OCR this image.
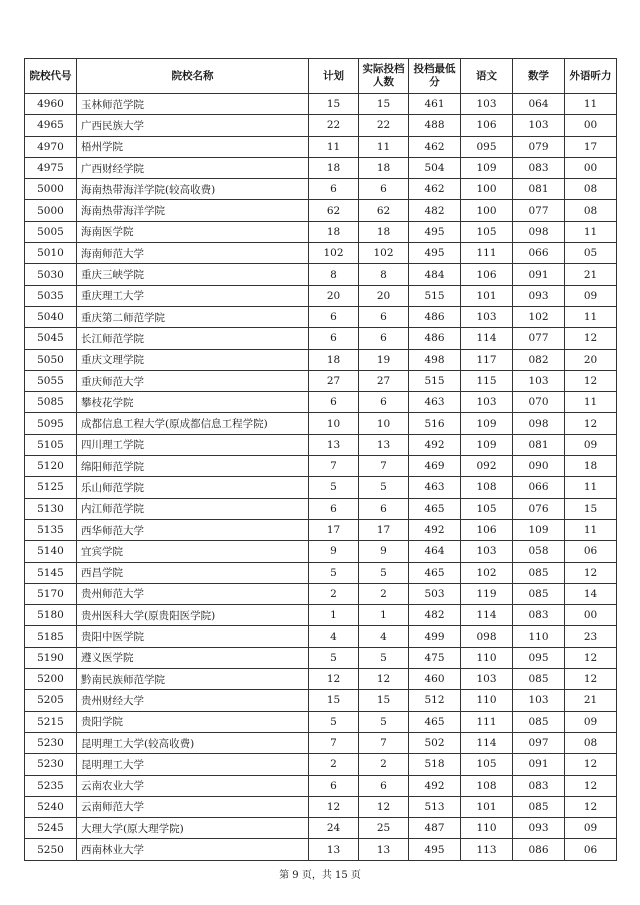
院校代号	院校名称	计划	实际投档人数	投档最低分	语文	数学	外语听力
4960	玉林师范学院	15	15	461	103	064	11
4965	广西民族大学	22	22	488	106	103	00
4970	梧州学院	11	11	462	095	079	17
4975	广西财经学院	18	18	504	109	083	00
5000	海南热带海洋学院(较高收费)	6	6	462	100	081	08
5000	海南热带海洋学院	62	62	482	100	077	08
5005	海南医学院	18	18	495	105	098	11
5010	海南师范大学	102	102	495	111	066	05
5030	重庆三峡学院	8	8	484	106	091	21
5035	重庆理工大学	20	20	515	101	093	09
5040	重庆第二师范学院	6	6	486	103	102	11
5045	长江师范学院	6	6	486	114	077	12
5050	重庆文理学院	18	19	498	117	082	20
5055	重庆师范大学	27	27	515	115	103	12
5085	攀枝花学院	6	6	463	103	070	11
5095	成都信息工程大学(原成都信息工程学院)	10	10	516	109	098	12
5105	四川理工学院	13	13	492	109	081	09
5120	绵阳师范学院	7	7	469	092	090	18
5125	乐山师范学院	5	5	463	108	066	11
5130	内江师范学院	6	6	465	105	076	15
5135	西华师范大学	17	17	492	106	109	11
5140	宜宾学院	9	9	464	103	058	06
5145	西昌学院	5	5	465	102	085	12
5170	贵州师范大学	2	2	503	119	085	14
5180	贵州医科大学(原贵阳医学院)	1	1	482	114	083	00
5185	贵阳中医学院	4	4	499	098	110	23
5190	遵义医学院	5	5	475	110	095	12
5200	黔南民族师范学院	12	12	460	103	085	12
5205	贵州财经大学	15	15	512	110	103	21
5215	贵阳学院	5	5	465	111	085	09
5230	昆明理工大学(较高收费)	7	7	502	114	097	08
5230	昆明理工大学	2	2	518	105	091	12
5235	云南农业大学	6	6	492	108	083	12
5240	云南师范大学	12	12	513	101	085	12
5245	大理大学(原大理学院)	24	25	487	110	093	09
5250	西南林业大学	13	13	495	113	086	06
第 9 页，共 15 页
